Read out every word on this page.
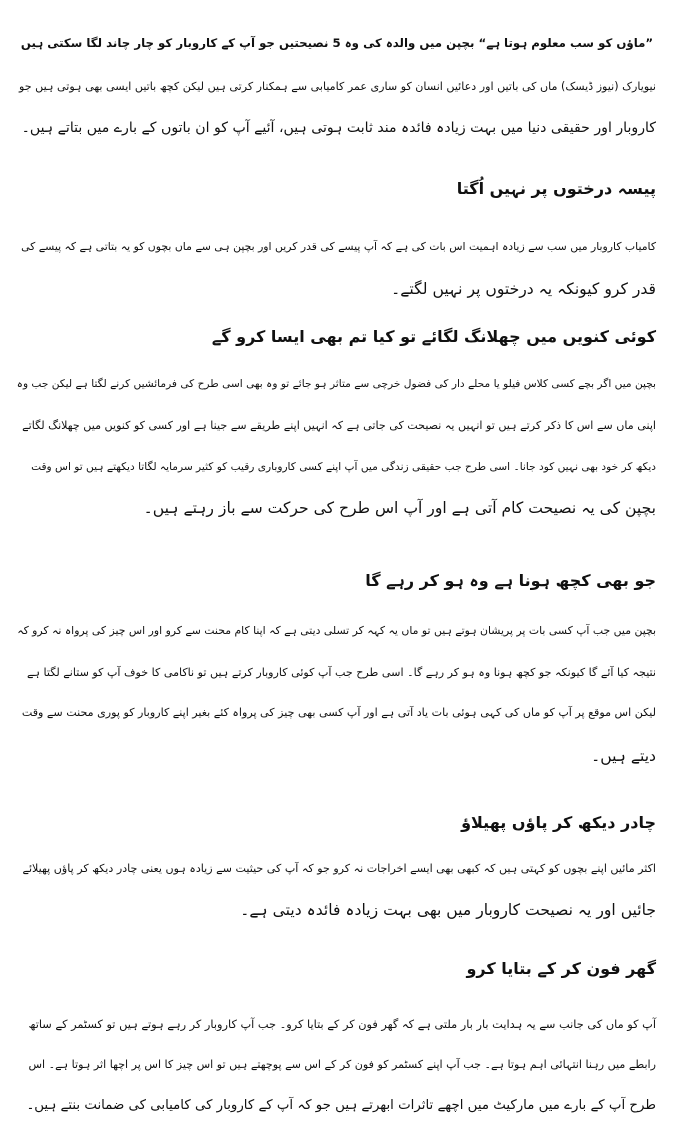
”ماؤں کو سب معلوم ہوتا ہے“ بچپن میں والدہ کی وہ 5 نصیحتیں جو آپ کے کاروبار کو چار چاند لگا سکتی ہیں
نیویارک (نیوز ڈیسک) ماں کی باتیں اور دعائیں انسان کو ساری عمر کامیابی سے ہمکنار کرتی ہیں لیکن کچھ باتیں ایسی بھی ہوتی ہیں جو
کاروبار اور حقیقی دنیا میں بہت زیادہ فائدہ مند ثابت ہوتی ہیں، آئیے آپ کو ان باتوں کے بارے میں بتاتے ہیں۔
پیسہ درختوں پر نہیں اُگتا
کامیاب کاروبار میں سب سے زیادہ اہمیت اس بات کی ہے کہ آپ پیسے کی قدر کریں اور بچپن ہی سے ماں بچوں کو یہ بتاتی ہے کہ پیسے کی
قدر کرو کیونکہ یہ درختوں پر نہیں لگتے۔
کوئی کنویں میں چھلانگ لگائے تو کیا تم بھی ایسا کرو گے
بچپن میں اگر بچے کسی کلاس فیلو یا محلے دار کی فضول خرچی سے متاثر ہو جائے تو وہ بھی اسی طرح کی فرمائشیں کرنے لگتا ہے لیکن جب وہ
اپنی ماں سے اس کا ذکر کرتے ہیں تو انہیں یہ نصیحت کی جاتی ہے کہ انہیں اپنے طریقے سے جینا ہے اور کسی کو کنویں میں چھلانگ لگاتے
دیکھ کر خود بھی نہیں کود جانا۔ اسی طرح جب حقیقی زندگی میں آپ اپنے کسی کاروباری رقیب کو کثیر سرمایہ لگاتا دیکھتے ہیں تو اس وقت
بچپن کی یہ نصیحت کام آتی ہے اور آپ اس طرح کی حرکت سے باز رہتے ہیں۔
جو بھی کچھ ہونا ہے وہ ہو کر رہے گا
بچپن میں جب آپ کسی بات پر پریشان ہوتے ہیں تو ماں یہ کہہ کر تسلی دیتی ہے کہ اپنا کام محنت سے کرو اور اس چیز کی پرواہ نہ کرو کہ
نتیجہ کیا آئے گا کیونکہ جو کچھ ہونا وہ ہو کر رہے گا۔ اسی طرح جب آپ کوئی کاروبار کرتے ہیں تو ناکامی کا خوف آپ کو ستانے لگتا ہے
لیکن اس موقع پر آپ کو ماں کی کہی ہوئی بات یاد آتی ہے اور آپ کسی بھی چیز کی پرواہ کئے بغیر اپنے کاروبار کو پوری محنت سے وقت
دیتے ہیں۔
چادر دیکھ کر پاؤں پھیلاؤ
اکثر مائیں اپنے بچوں کو کہتی ہیں کہ کبھی بھی ایسے اخراجات نہ کرو جو کہ آپ کی حیثیت سے زیادہ ہوں یعنی چادر دیکھ کر پاؤں پھیلائے
جائیں اور یہ نصیحت کاروبار میں بھی بہت زیادہ فائدہ دیتی ہے۔
گھر فون کر کے بتایا کرو
آپ کو ماں کی جانب سے یہ ہدایت بار بار ملتی ہے کہ گھر فون کر کے بتایا کرو۔ جب آپ کاروبار کر رہے ہوتے ہیں تو کسٹمر کے ساتھ
رابطے میں رہنا انتہائی اہم ہوتا ہے۔ جب آپ اپنے کسٹمر کو فون کر کے اس سے پوچھتے ہیں تو اس چیز کا اس پر اچھا اثر ہوتا ہے۔ اس
طرح آپ کے بارے میں مارکیٹ میں اچھے تاثرات ابھرتے ہیں جو کہ آپ کے کاروبار کی کامیابی کی ضمانت بنتے ہیں۔
